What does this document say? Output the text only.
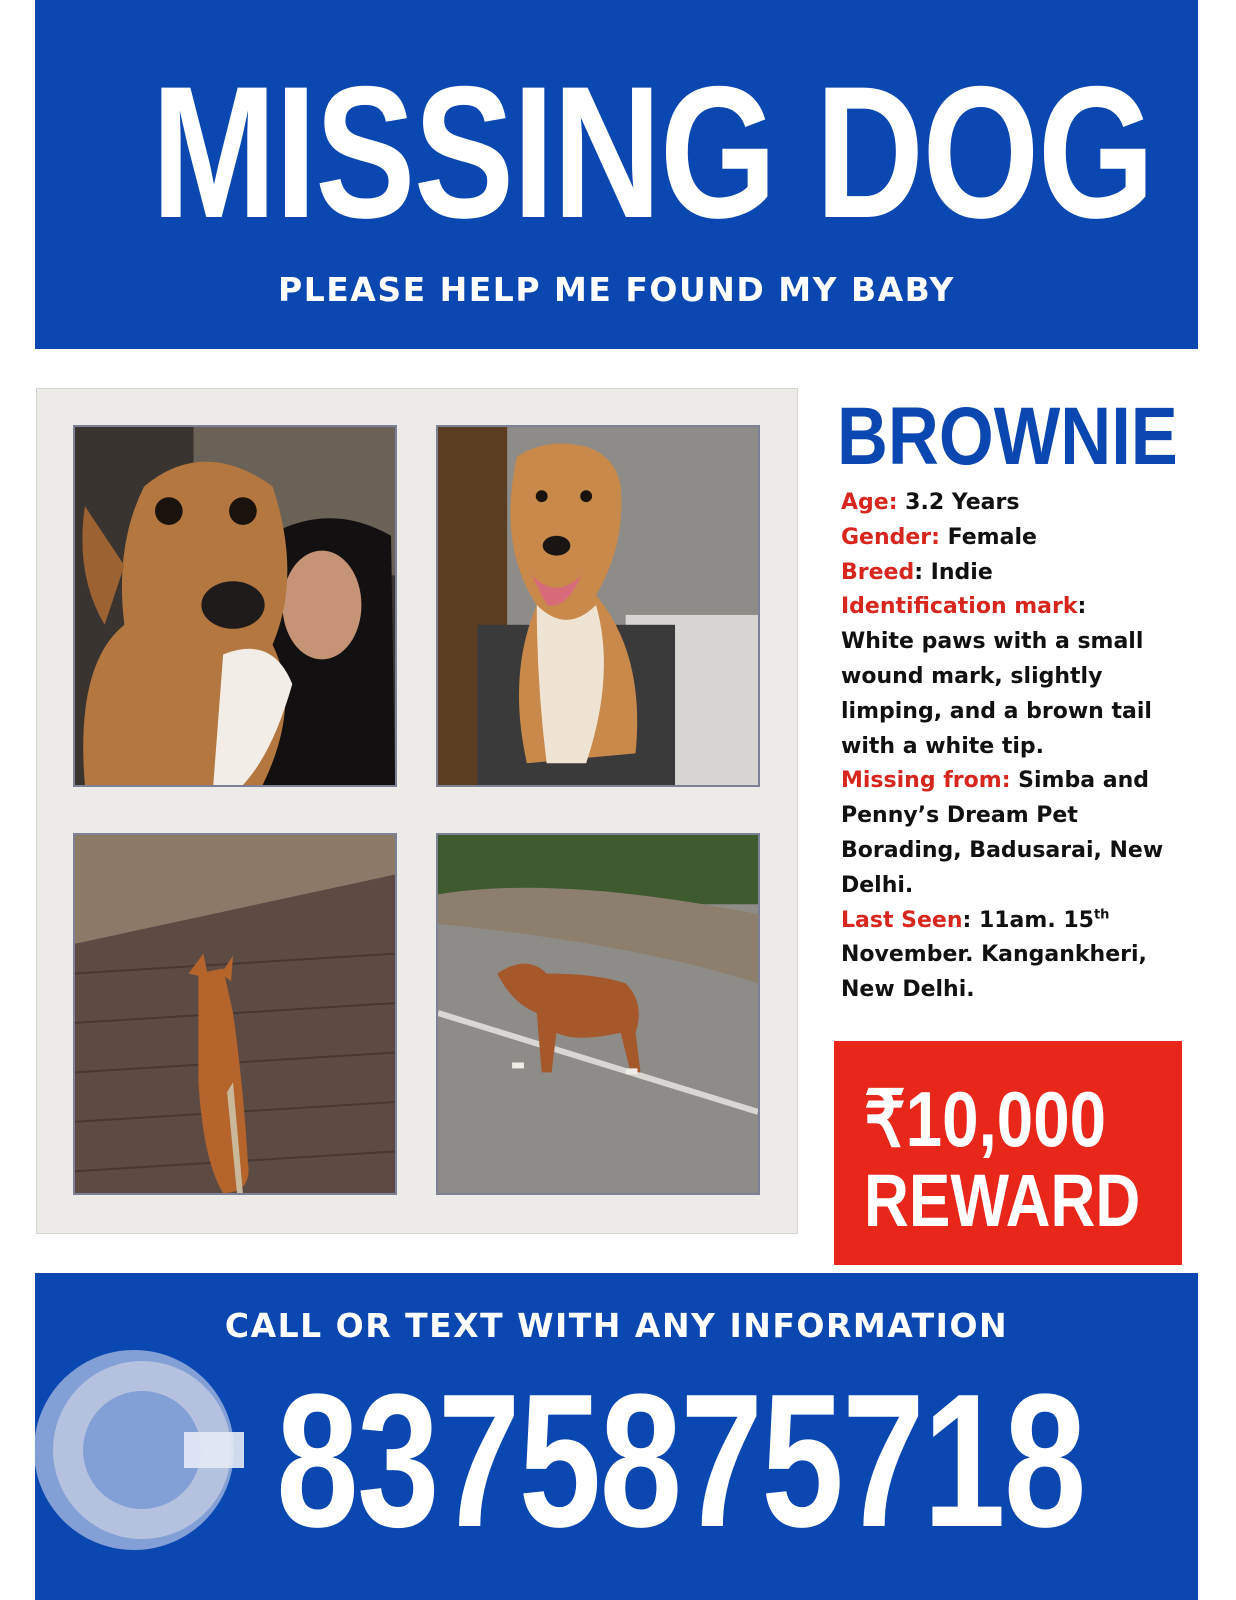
MISSING DOG
PLEASE HELP ME FOUND MY BABY
BROWNIE
Age: 3.2 Years
Gender: Female
Breed: Indie
Identification mark:
White paws with a small wound mark, slightly limping, and a brown tail with a white tip.
Missing from: Simba and Penny’s Dream Pet Borading, Badusarai, New Delhi.
Last Seen: 11am. 15th November. Kangankheri, New Delhi.
₹10,000
REWARD
CALL OR TEXT WITH ANY INFORMATION
8375875718
